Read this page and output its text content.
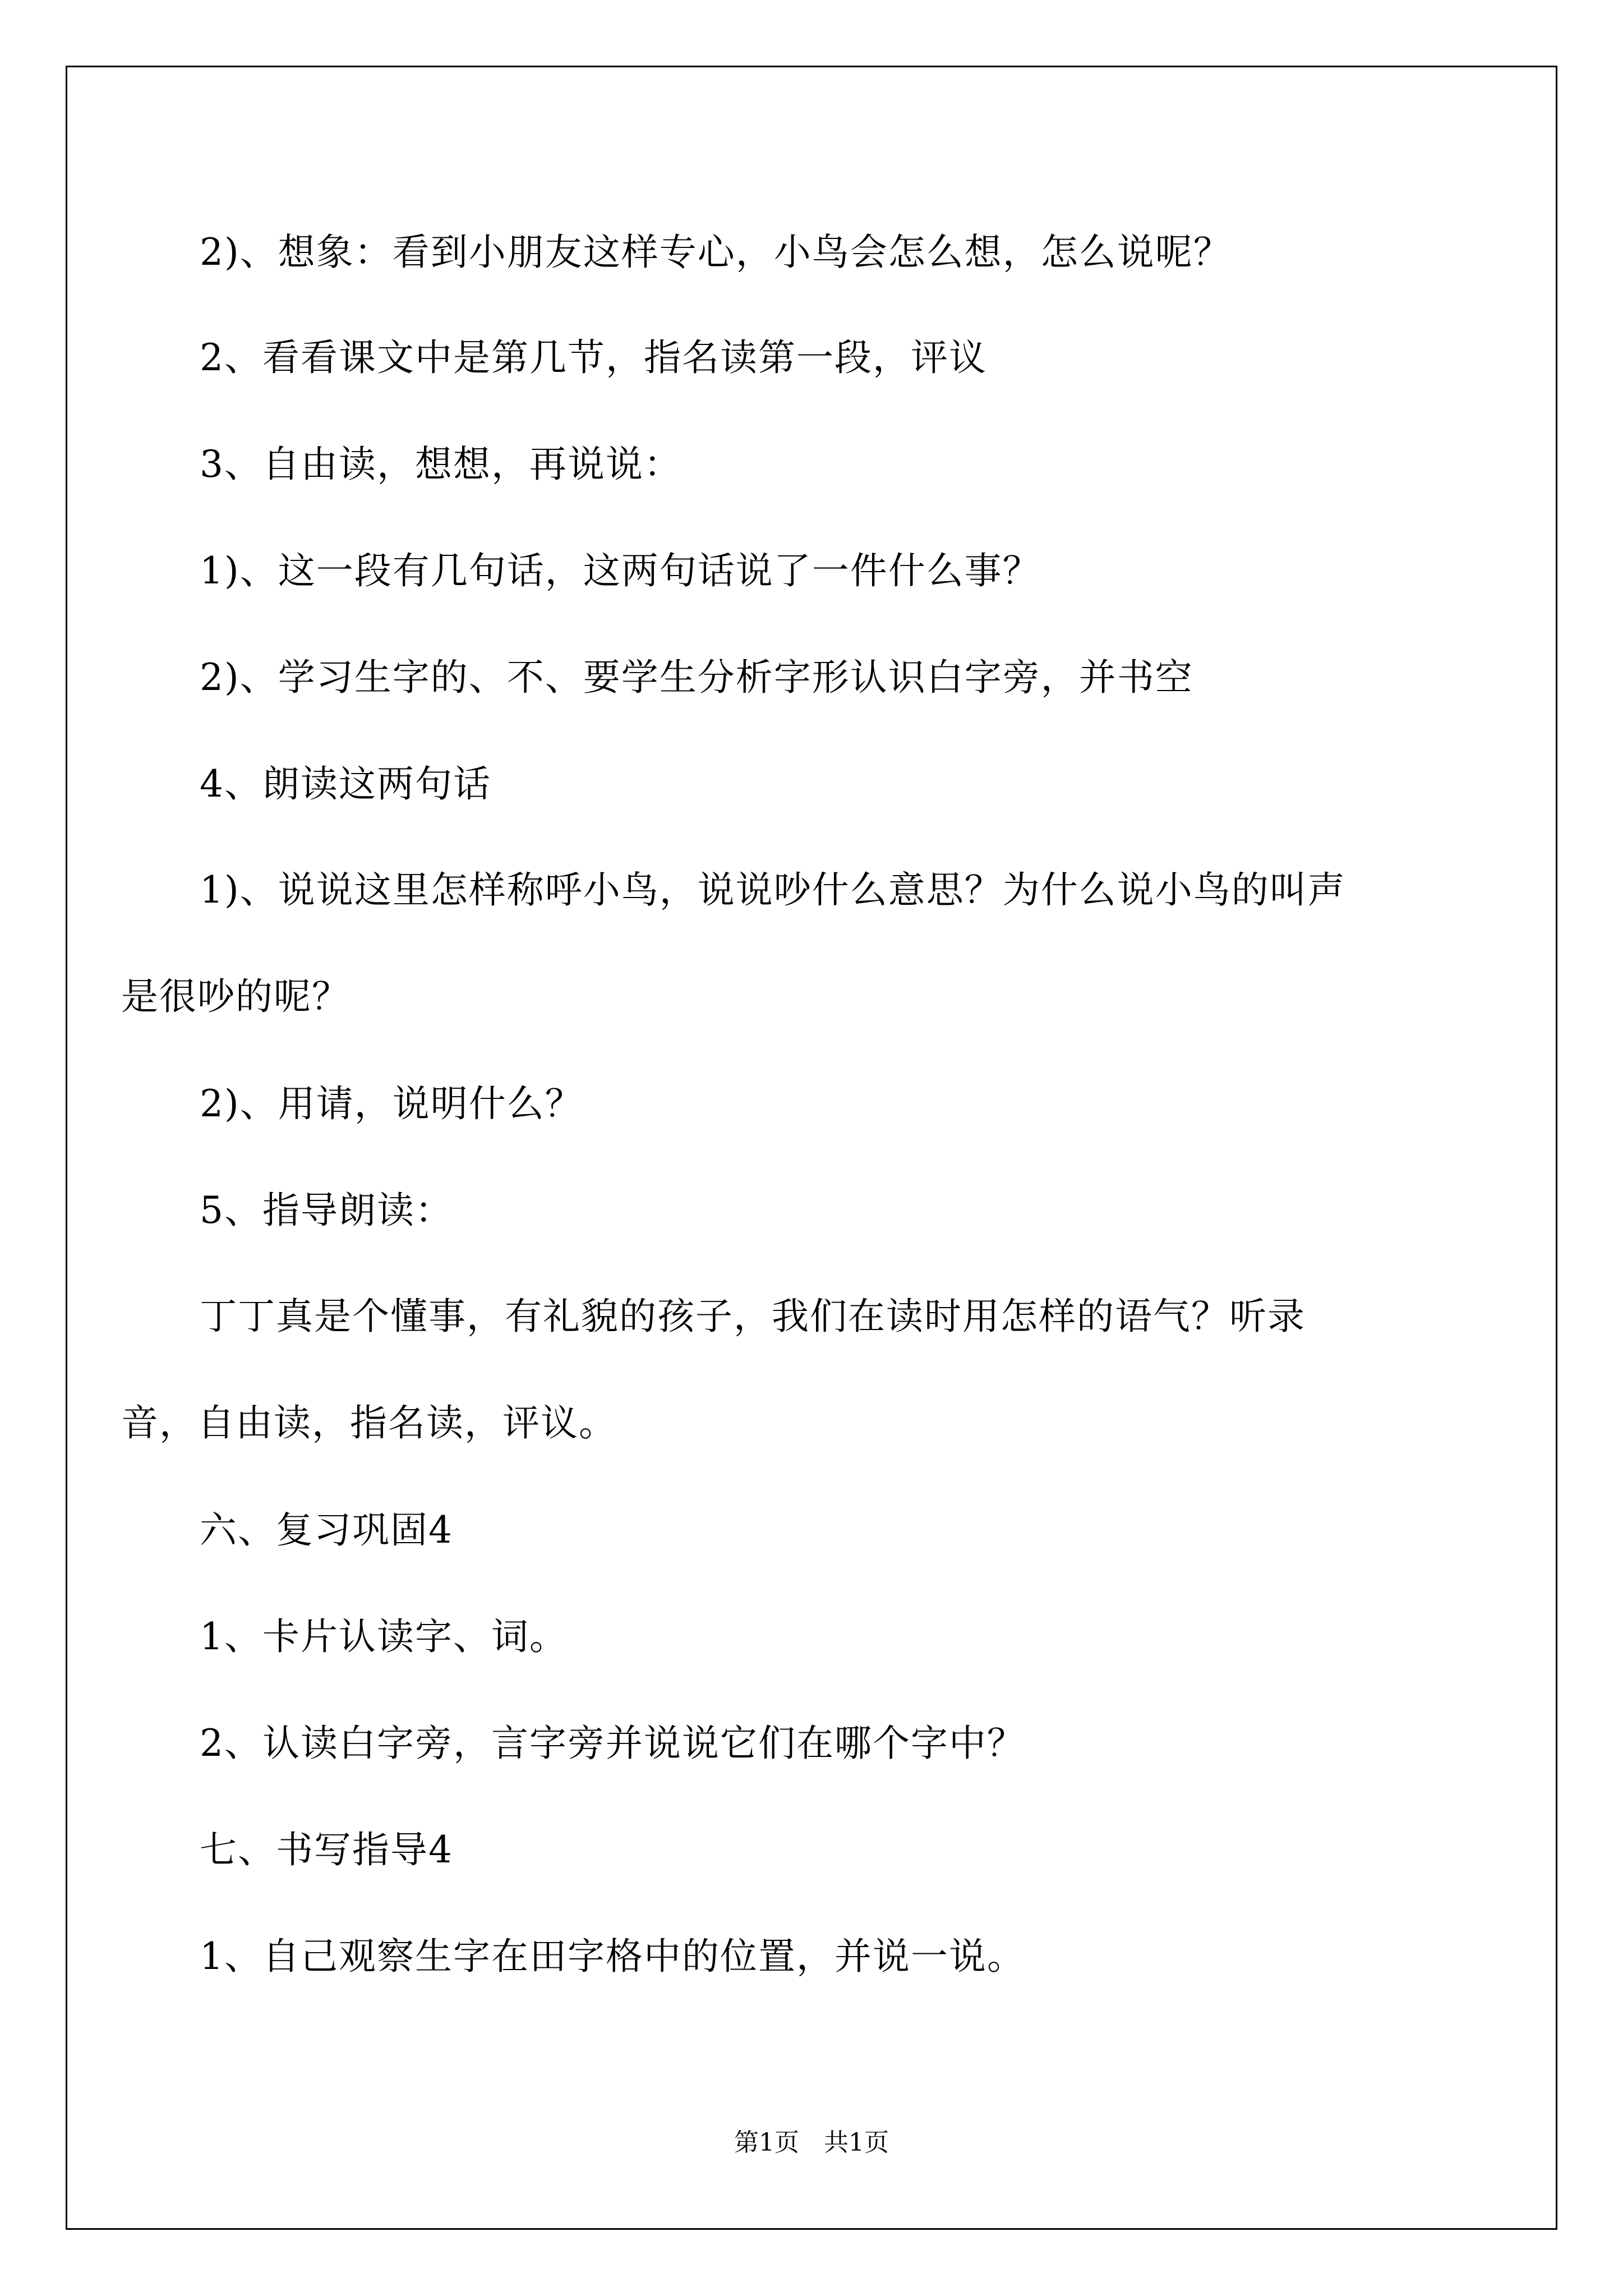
2)、想象：看到小朋友这样专心，小鸟会怎么想，怎么说呢？
2、看看课文中是第几节，指名读第一段，评议
3、自由读，想想，再说说：
1)、这一段有几句话，这两句话说了一件什么事？
2)、学习生字的、不、要学生分析字形认识白字旁，并书空
4、朗读这两句话
1)、说说这里怎样称呼小鸟，说说吵什么意思？为什么说小鸟的叫声是很吵的呢？
2)、用请，说明什么？
5、指导朗读：
丁丁真是个懂事，有礼貌的孩子，我们在读时用怎样的语气？听录音，自由读，指名读，评议。
六、复习巩固4
1、卡片认读字、词。
2、认读白字旁，言字旁并说说它们在哪个字中？
七、书写指导4
1、自己观察生字在田字格中的位置，并说一说。
第1页　共1页
